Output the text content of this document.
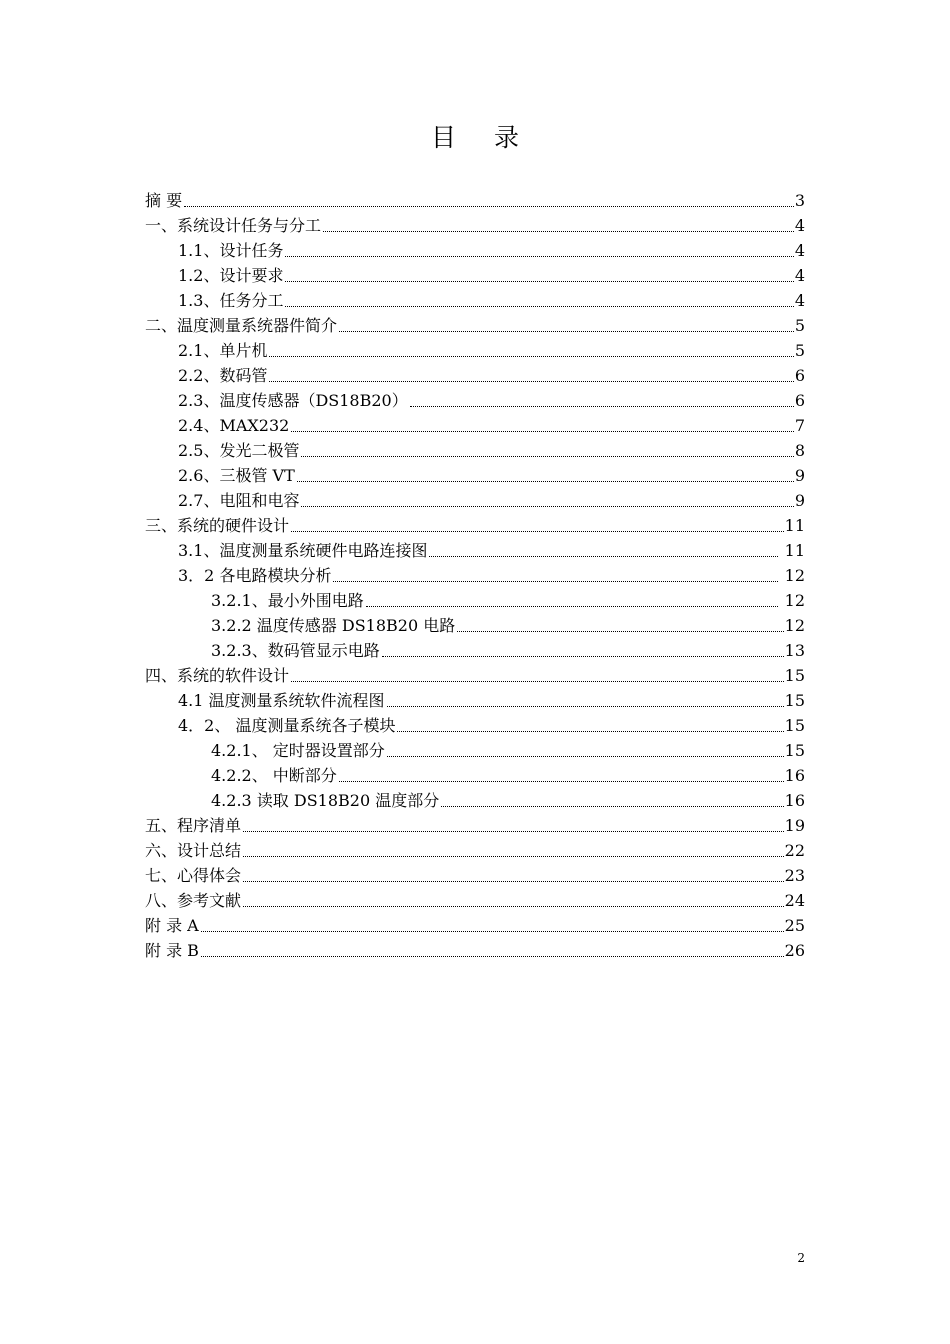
目 录
摘 要	3
一、系统设计任务与分工	4
1.1、设计任务	4
1.2、设计要求	4
1.3、任务分工	4
二、温度测量系统器件简介	5
2.1、单片机	5
2.2、数码管	6
2.3、温度传感器（DS18B20）	6
2.4、MAX232	7
2.5、发光二极管	8
2.6、三极管 VT	9
2.7、电阻和电容	9
三、系统的硬件设计	11
3.1、温度测量系统硬件电路连接图	11
3．2 各电路模块分析	12
3.2.1、最小外围电路	12
3.2.2 温度传感器 DS18B20 电路	12
3.2.3、数码管显示电路	13
四、系统的软件设计	15
4.1 温度测量系统软件流程图	15
4．2、 温度测量系统各子模块	15
4.2.1、 定时器设置部分	15
4.2.2、 中断部分	16
4.2.3 读取 DS18B20 温度部分	16
五、程序清单	19
六、设计总结	22
七、心得体会	23
八、参考文献	24
附 录 A	25
附 录 B	26
2
